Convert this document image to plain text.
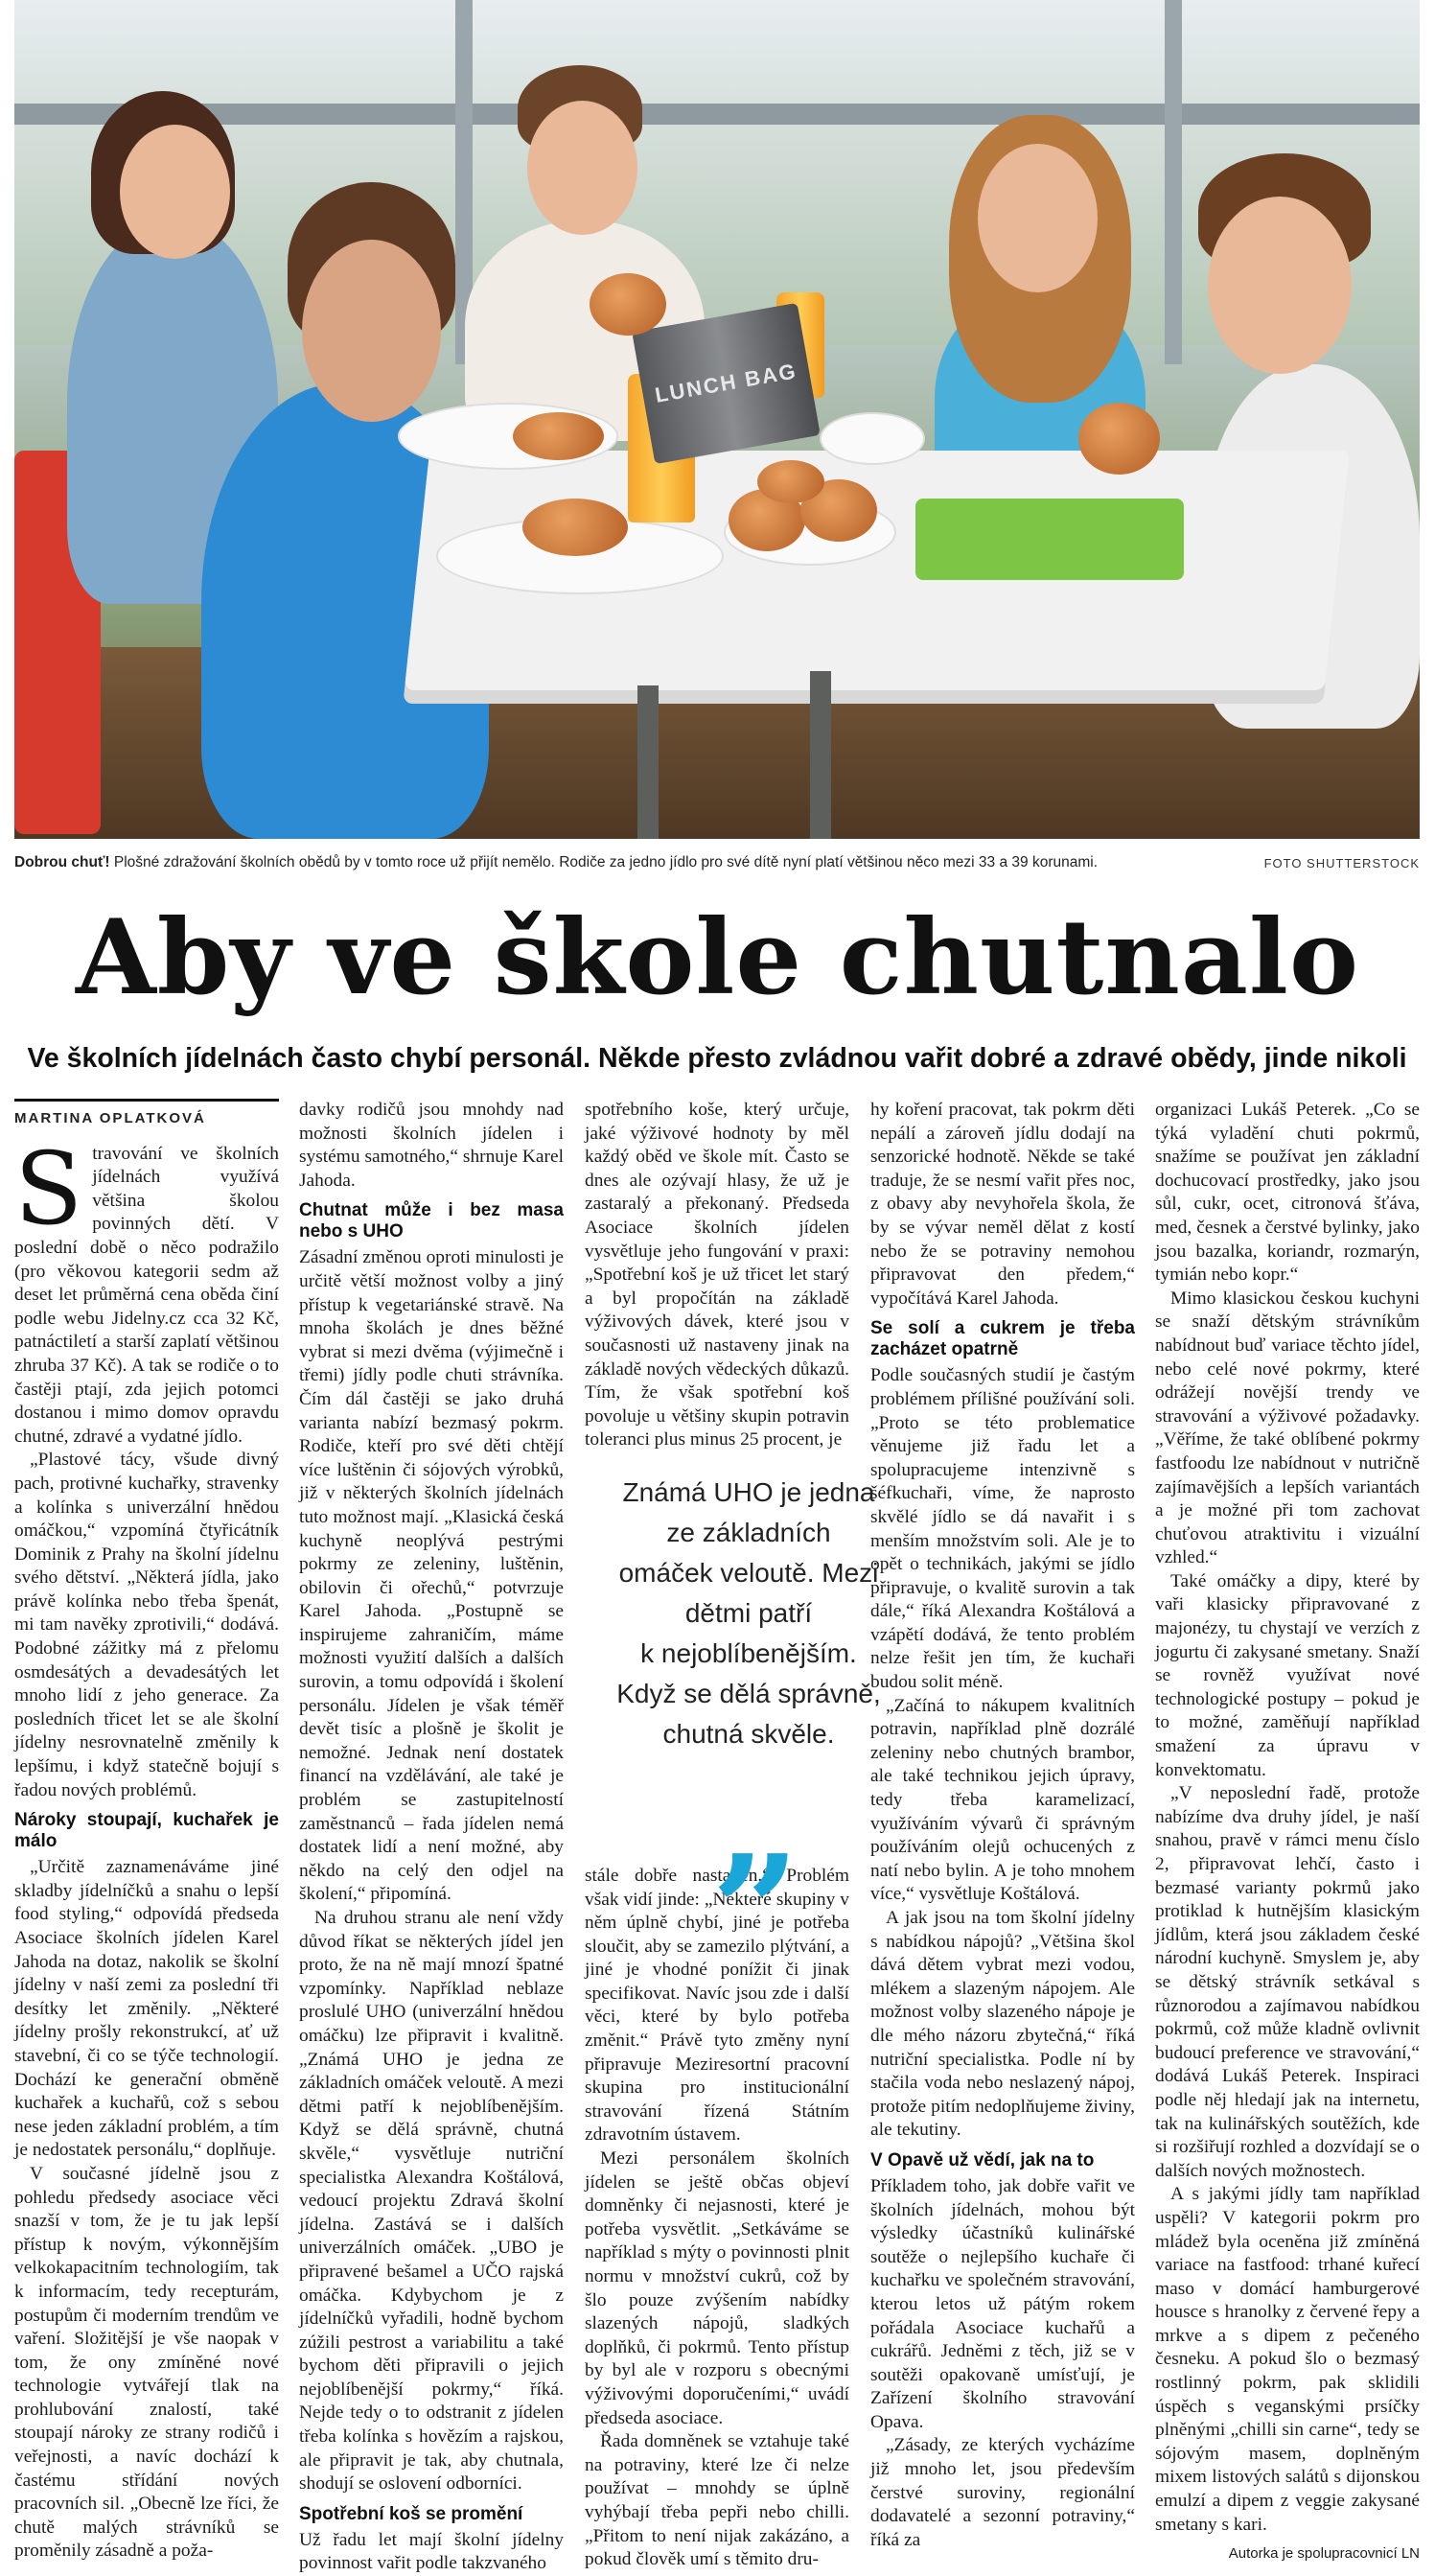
LUNCH BAG
Dobrou chuť! Plošné zdražování školních obědů by v tomto roce už přijít nemělo. Rodiče za jedno jídlo pro své dítě nyní platí většinou něco mezi 33 a 39 korunami.	FOTO SHUTTERSTOCK
Aby ve škole chutnalo
Ve školních jídelnách často chybí personál. Někde přesto zvládnou vařit dobré a zdravé obědy, jinde nikoli
MARTINA OPLATKOVÁ
S travování ve školních jídelnách využívá většina školou povinných dětí. V poslední době o něco podražilo (pro věkovou kategorii sedm až deset let průměrná cena oběda činí podle webu Jidelny.cz cca 32 Kč, patnáctiletí a starší zaplatí většinou zhruba 37 Kč). A tak se rodiče o to častěji ptají, zda jejich potomci dostanou i mimo domov opravdu chutné, zdravé a vydatné jídlo.

„Plastové tácy, všude divný pach, protivné kuchařky, stravenky a kolínka s univerzální hnědou omáčkou,“ vzpomíná čtyřicátník Dominik z Prahy na školní jídelnu svého dětství. „Některá jídla, jako právě kolínka nebo třeba špenát, mi tam navěky zprotivili,“ dodává. Podobné zážitky má z přelomu osmdesátých a devadesátých let mnoho lidí z jeho generace. Za posledních třicet let se ale školní jídelny nesrovnatelně změnily k lepšímu, i když statečně bojují s řadou nových problémů.

Nároky stoupají, kuchařek je málo

„Určitě zaznamenáváme jiné skladby jídelníčků a snahu o lepší food styling,“ odpovídá předseda Asociace školních jídelen Karel Jahoda na dotaz, nakolik se školní jídelny v naší zemi za poslední tři desítky let změnily. „Některé jídelny prošly rekonstrukcí, ať už stavební, či co se týče technologií. Dochází ke generační obměně kuchařek a kuchařů, což s sebou nese jeden základní problém, a tím je nedostatek personálu,“ doplňuje.

V současné jídelně jsou z pohledu předsedy asociace věci snazší v tom, že je tu jak lepší přístup k novým, výkonnějším velkokapacitním technologiím, tak k informacím, tedy recepturám, postupům či moderním trendům ve vaření. Složitější je vše naopak v tom, že ony zmíněné nové technologie vytvářejí tlak na prohlubování znalostí, také stoupají nároky ze strany rodičů i veřejnosti, a navíc dochází k častému střídání nových pracovních sil. „Obecně lze říci, že chutě malých strávníků se proměnily zásadně a poža-

davky rodičů jsou mnohdy nad možnosti školních jídelen i systému samotného,“ shrnuje Karel Jahoda.

Chutnat může i bez masa nebo s UHO

Zásadní změnou oproti minulosti je určitě větší možnost volby a jiný přístup k vegetariánské stravě. Na mnoha školách je dnes běžné vybrat si mezi dvěma (výjimečně i třemi) jídly podle chuti strávníka. Čím dál častěji se jako druhá varianta nabízí bezmasý pokrm. Rodiče, kteří pro své děti chtějí více luštěnin či sójových výrobků, již v některých školních jídelnách tuto možnost mají. „Klasická česká kuchyně neoplývá pestrými pokrmy ze zeleniny, luštěnin, obilovin či ořechů,“ potvrzuje Karel Jahoda. „Postupně se inspirujeme zahraničím, máme možnosti využití dalších a dalších surovin, a tomu odpovídá i školení personálu. Jídelen je však téměř devět tisíc a plošně je školit je nemožné. Jednak není dostatek financí na vzdělávání, ale také je problém se zastupitelností zaměstnanců – řada jídelen nemá dostatek lidí a není možné, aby někdo na celý den odjel na školení,“ připomíná.

Na druhou stranu ale není vždy důvod říkat se některých jídel jen proto, že na ně mají mnozí špatné vzpomínky. Například neblaze proslulé UHO (univerzální hnědou omáčku) lze připravit i kvalitně. „Známá UHO je jedna ze základních omáček veloutě. A mezi dětmi patří k nejoblíbenějším. Když se dělá správně, chutná skvěle,“ vysvětluje nutriční specialistka Alexandra Koštálová, vedoucí projektu Zdravá školní jídelna. Zastává se i dalších univerzálních omáček. „UBO je připravené bešamel a UČO rajská omáčka. Kdybychom je z jídelníčků vyřadili, hodně bychom zúžili pestrost a variabilitu a také bychom děti připravili o jejich nejoblíbenější pokrmy,“ říká. Nejde tedy o to odstranit z jídelen třeba kolínka s hovězím a rajskou, ale připravit je tak, aby chutnala, shodují se oslovení odborníci.

Spotřební koš se promění

Už řadu let mají školní jídelny povinnost vařit podle takzvaného

spotřebního koše, který určuje, jaké výživové hodnoty by měl každý oběd ve škole mít. Často se dnes ale ozývají hlasy, že už je zastaralý a překonaný. Předseda Asociace školních jídelen vysvětluje jeho fungování v praxi: „Spotřební koš je už třicet let starý a byl propočítán na základě výživových dávek, které jsou v současnosti už nastaveny jinak na základě nových vědeckých důkazů. Tím, že však spotřební koš povoluje u většiny skupin potravin toleranci plus minus 25 procent, je

stále dobře nastaven.“ Problém však vidí jinde: „Některé skupiny v něm úplně chybí, jiné je potřeba sloučit, aby se zamezilo plýtvání, a jiné je vhodné ponížit či jinak specifikovat. Navíc jsou zde i další věci, které by bylo potřeba změnit.“ Právě tyto změny nyní připravuje Meziresortní pracovní skupina pro institucionální stravování řízená Státním zdravotním ústavem.

Mezi personálem školních jídelen se ještě občas objeví domněnky či nejasnosti, které je potřeba vysvětlit. „Setkáváme se například s mýty o povinnosti plnit normu v množství cukrů, což by šlo pouze zvýšením nabídky slazených nápojů, sladkých doplňků, či pokrmů. Tento přístup by byl ale v rozporu s obecnými výživovými doporučeními,“ uvádí předseda asociace.

Řada domněnek se vztahuje také na potraviny, které lze či nelze používat – mnohdy se úplně vyhýbají třeba pepři nebo chilli. „Přitom to není nijak zakázáno, a pokud člověk umí s těmito dru-

hy koření pracovat, tak pokrm děti nepálí a zároveň jídlu dodají na senzorické hodnotě. Někde se také traduje, že se nesmí vařit přes noc, z obavy aby nevyhořela škola, že by se vývar neměl dělat z kostí nebo že se potraviny nemohou připravovat den předem,“ vypočítává Karel Jahoda.

Se solí a cukrem je třeba zacházet opatrně

Podle současných studií je častým problémem přílišné používání soli. „Proto se této problematice věnujeme již řadu let a spolupracujeme intenzivně s šéfkuchaři, víme, že naprosto skvělé jídlo se dá navařit i s menším množstvím soli. Ale je to opět o technikách, jakými se jídlo připravuje, o kvalitě surovin a tak dále,“ říká Alexandra Koštálová a vzápětí dodává, že tento problém nelze řešit jen tím, že kuchaři budou solit méně.

„Začíná to nákupem kvalitních potravin, například plně dozrálé zeleniny nebo chutných brambor, ale také technikou jejich úpravy, tedy třeba karamelizací, využíváním vývarů či správným používáním olejů ochucených z natí nebo bylin. A je toho mnohem více,“ vysvětluje Koštálová.

A jak jsou na tom školní jídelny s nabídkou nápojů? „Většina škol dává dětem vybrat mezi vodou, mlékem a slazeným nápojem. Ale možnost volby slazeného nápoje je dle mého názoru zbytečná,“ říká nutriční specialistka. Podle ní by stačila voda nebo neslazený nápoj, protože pitím nedoplňujeme živiny, ale tekutiny.

V Opavě už vědí, jak na to

Příkladem toho, jak dobře vařit ve školních jídelnách, mohou být výsledky účastníků kulinářské soutěže o nejlepšího kuchaře či kuchařku ve společném stravování, kterou letos už pátým rokem pořádala Asociace kuchařů a cukrářů. Jedněmi z těch, již se v soutěži opakovaně umísťují, je Zařízení školního stravování Opava.

„Zásady, ze kterých vycházíme již mnoho let, jsou především čerstvé suroviny, regionální dodavatelé a sezonní potraviny,“ říká za

organizaci Lukáš Peterek. „Co se týká vyladění chuti pokrmů, snažíme se používat jen základní dochucovací prostředky, jako jsou sůl, cukr, ocet, citronová šťáva, med, česnek a čerstvé bylinky, jako jsou bazalka, koriandr, rozmarýn, tymián nebo kopr.“

Mimo klasickou českou kuchyni se snaží dětským strávníkům nabídnout buď variace těchto jídel, nebo celé nové pokrmy, které odrážejí novější trendy ve stravování a výživové požadavky. „Věříme, že také oblíbené pokrmy fastfoodu lze nabídnout v nutričně zajímavějších a lepších variantách a je možné při tom zachovat chuťovou atraktivitu i vizuální vzhled.“

Také omáčky a dipy, které by vaři klasicky připravované z majonézy, tu chystají ve verzích z jogurtu či zakysané smetany. Snaží se rovněž využívat nové technologické postupy – pokud je to možné, zaměňují například smažení za úpravu v konvektomatu.

„V neposlední řadě, protože nabízíme dva druhy jídel, je naší snahou, pravě v rámci menu číslo 2, připravovat lehčí, často i bezmasé varianty pokrmů jako protiklad k hutnějším klasickým jídlům, která jsou základem české národní kuchyně. Smyslem je, aby se dětský strávník setkával s různorodou a zajímavou nabídkou pokrmů, což může kladně ovlivnit budoucí preference ve stravování,“ dodává Lukáš Peterek. Inspiraci podle něj hledají jak na internetu, tak na kulinářských soutěžích, kde si rozšiřují rozhled a dozvídají se o dalších nových možnostech.

A s jakými jídly tam například uspěli? V kategorii pokrm pro mládež byla oceněna již zmíněná variace na fastfood: trhané kuřecí maso v domácí hamburgerové housce s hranolky z červené řepy a mrkve a s dipem z pečeného česneku. A pokud šlo o bezmasý rostlinný pokrm, pak sklidili úspěch s veganskými prsíčky plněnými „chilli sin carne“, tedy se sójovým masem, doplněným mixem listových salátů s dijonskou emulzí a dipem z veggie zakysané smetany s kari.

Autorka je spolupracovnicí LN
Známá UHO je jedna
ze základních
omáček veloutě. Mezi
dětmi patří
k nejoblíbenějším.
Když se dělá správně,
chutná skvěle.
„
